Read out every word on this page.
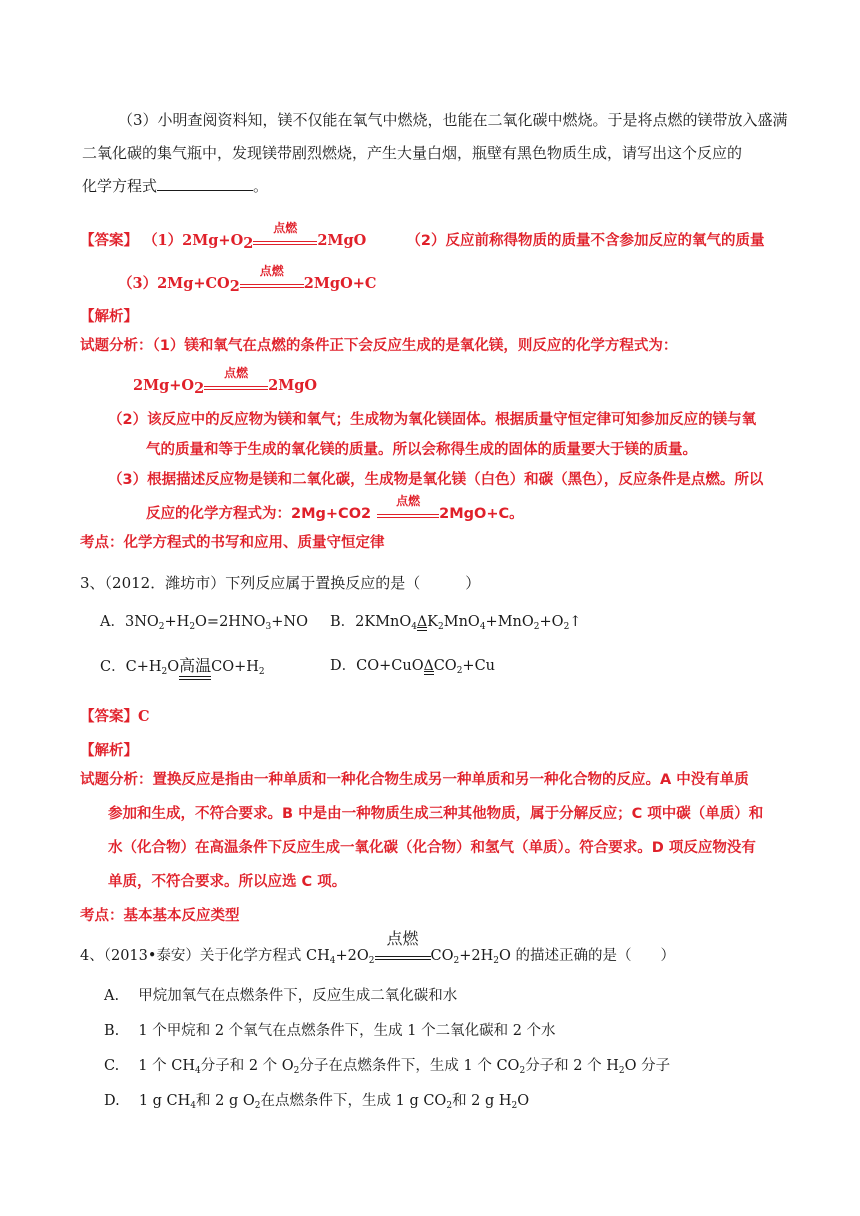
（3）小明查阅资料知，镁不仅能在氧气中燃烧，也能在二氧化碳中燃烧。于是将点燃的镁带放入盛满
二氧化碳的集气瓶中，发现镁带剧烈燃烧，产生大量白烟，瓶壁有黑色物质生成，请写出这个反应的
化学方程式	。
【答案】 $(1)2Mg+O_2$
点燃
2MgO	（2）反应前称得物质的质量不含参加反应的氧气的质量
$(3)2Mg+CO_2$
点燃
2MgO+C
【解析】
试题分析：（1）镁和氧气在点燃的条件正下会反应生成的是氧化镁，则反应的化学方程式为：
$2Mg+O_2$
点燃
2MgO
（2）该反应中的反应物为镁和氧气；生成物为氧化镁固体。根据质量守恒定律可知参加反应的镁与氧
气的质量和等于生成的氧化镁的质量。所以会称得生成的固体的质量要大于镁的质量。
（3）根据描述反应物是镁和二氧化碳，生成物是氧化镁（白色）和碳（黑色），反应条件是点燃。所以
反应的化学方程式为：2Mg+CO2
点燃
2MgO+C。
考点：化学方程式的书写和应用、质量守恒定律
3、（2012．潍坊市）下列反应属于置换反应的是（　　　）
A．$3NO_2+H_2O=2HNO_3+NO$ B．2KMnO$_4$Δ
$K_2MnO_4+MnO_2+O_2↑$
C．$C+H_2O$高温
$CO+H_2$	D．CO+CuOΔ
$CO_2+Cu$
【答案】C
【解析】
试题分析：置换反应是指由一种单质和一种化合物生成另一种单质和另一种化合物的反应。A 中没有单质
参加和生成，不符合要求。B 中是由一种物质生成三种其他物质，属于分解反应；C 项中碳（单质）和
水（化合物）在高温条件下反应生成一氧化碳（化合物）和氢气（单质）。符合要求。D 项反应物没有
单质，不符合要求。所以应选 C 项。
考点：基本基本反应类型
4、（2013•泰安）关于化学方程式 $CH_4+2O_2$
点燃
$CO_2+2H_2O$ 的描述正确的是（　　）
A.　 甲烷加氧气在点燃条件下，反应生成二氧化碳和水
B.　 1 个甲烷和 2 个氧气在点燃条件下，生成 1 个二氧化碳和 2 个水
C.　 1 个 $CH_4$分子和 2 个 $O_2$分子在点燃条件下，生成 1 个 $CO_2$分子和 2 个 $H_2O$ 分子
D.　 1 g $CH_4$和 2 g $O_2$在点燃条件下，生成 1 g $CO_2$和 2 g $H_2O$
